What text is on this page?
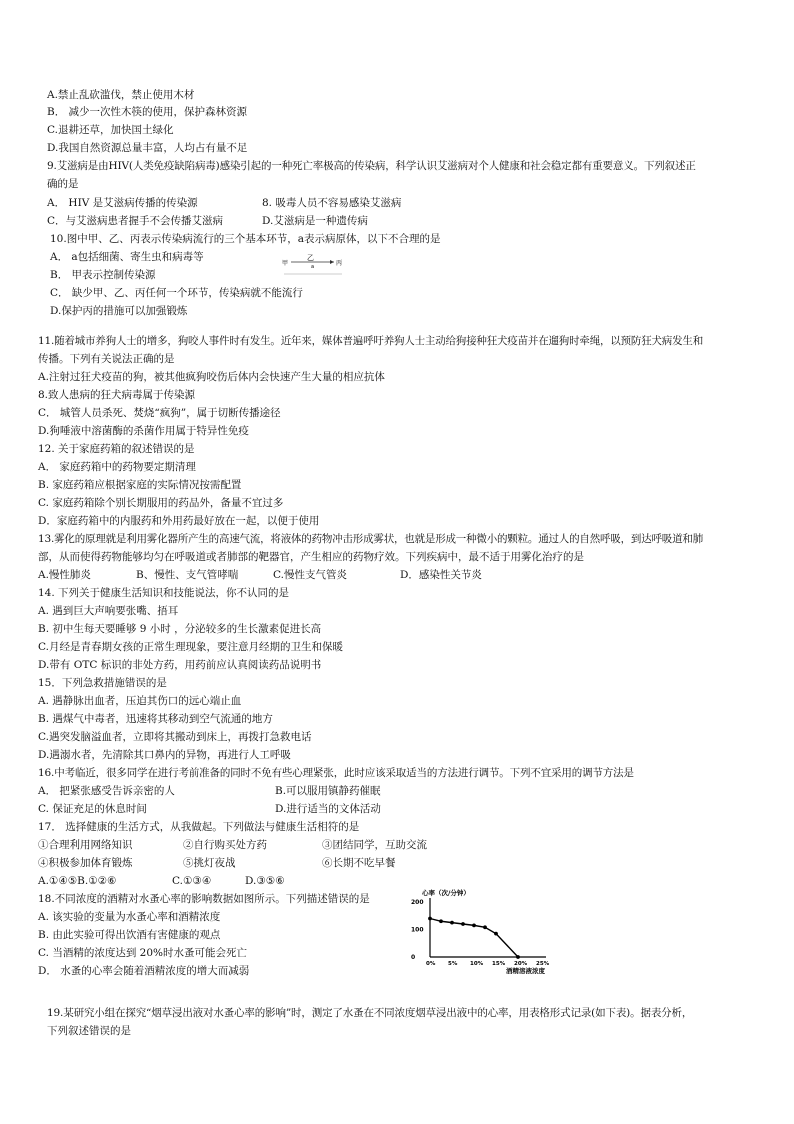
A.禁止乱砍滥伐，禁止使用木材
B． 减少一次性木筷的使用，保护森林资源
C.退耕还草，加快国土绿化
D.我国自然资源总量丰富，人均占有量不足
9.艾滋病是由HIV(人类免疫缺陷病毒)感染引起的一种死亡率极高的传染病，科学认识艾滋病对个人健康和社会稳定都有重要意义。下列叙述正
确的是
A． HIV 是艾滋病传播的传染源	8. 吸毒人员不容易感染艾滋病
C．与艾滋病患者握手不会传播艾滋病	D.艾滋病是一种遗传病
10.图中甲、乙、丙表示传染病流行的三个基本环节，a表示病原体，以下不合理的是
A． a包括细菌、寄生虫和病毒等
B． 甲表示控制传染源
C． 缺少甲、乙、丙任何一个环节，传染病就不能流行
D.保护丙的措施可以加强锻炼
甲
乙
a	丙
11.随着城市养狗人士的增多，狗咬人事件时有发生。近年来，媒体普遍呼吁养狗人士主动给狗接种狂犬疫苗并在遛狗时牵绳，以预防狂犬病发生和
传播。下列有关说法正确的是
A.注射过狂犬疫苗的狗，被其他疯狗咬伤后体内会快速产生大量的相应抗体
8.致人患病的狂犬病毒属于传染源
C． 城管人员杀死、焚烧“疯狗”，属于切断传播途径
D.狗唾液中溶菌酶的杀菌作用属于特异性免疫
12. 关于家庭药箱的叙述错误的是
A． 家庭药箱中的药物要定期清理
B. 家庭药箱应根据家庭的实际情况按需配置
C. 家庭药箱除个别长期服用的药品外，备量不宜过多
D．家庭药箱中的内服药和外用药最好放在一起，以便于使用
13.雾化的原理就是利用雾化器所产生的高速气流，将液体的药物冲击形成雾状，也就是形成一种微小的颗粒。通过人的自然呼吸，到达呼吸道和肺
部，从而使得药物能够均匀在呼吸道或者肺部的靶器官，产生相应的药物疗效。下列疾病中，最不适于用雾化治疗的是
A.慢性肺炎	B、慢性、支气管哮喘	C.慢性支气管炎	D．感染性关节炎
14. 下列关于健康生活知识和技能说法，你不认同的是
A. 遇到巨大声响要张嘴、捂耳
B. 初中生每天要睡够 9 小时 ，分泌较多的生长激素促进长高
C.月经是青春期女孩的正常生理现象，要注意月经期的卫生和保暖
D.带有 OTC 标识的非处方药，用药前应认真阅读药品说明书
15．下列急救措施错误的是
A. 遇静脉出血者，压迫其伤口的远心端止血
B. 遇煤气中毒者，迅速将其移动到空气流通的地方
C.遇突发脑溢血者，立即将其搬动到床上，再拨打急救电话
D.遇溺水者，先清除其口鼻内的异物，再进行人工呼吸
16.中考临近，很多同学在进行考前准备的同时不免有些心理紧张，此时应该采取适当的方法进行调节。下列不宜采用的调节方法是
A． 把紧张感受告诉亲密的人	B.可以服用镇静药催眠
C. 保证充足的休息时间	D.进行适当的文体活动
17． 选择健康的生活方式，从我做起。下列做法与健康生活相符的是
①合理利用网络知识	②自行购买处方药	③团结同学，互助交流
④积极参加体育锻炼	⑤挑灯夜战	⑥长期不吃早餐
A.①④⑤B.①②⑥	C.①③④	D.③⑤⑥
18.不同浓度的酒精对水蚤心率的影响数据如图所示。下列描述错误的是
A. 该实验的变量为水蚤心率和酒精浓度
B. 由此实验可得出饮酒有害健康的观点
C. 当酒精的浓度达到 20%时水蚤可能会死亡
D． 水蚤的心率会随着酒精浓度的增大而减弱
心率（次/分钟）
0
100
200
0% 5% 10% 15% 20% 25%
酒精溶液浓度
19.某研究小组在探究“烟草浸出液对水蚤心率的影响”时，测定了水蚤在不同浓度烟草浸出液中的心率，用表格形式记录(如下表)。据表分析，
下列叙述错误的是
